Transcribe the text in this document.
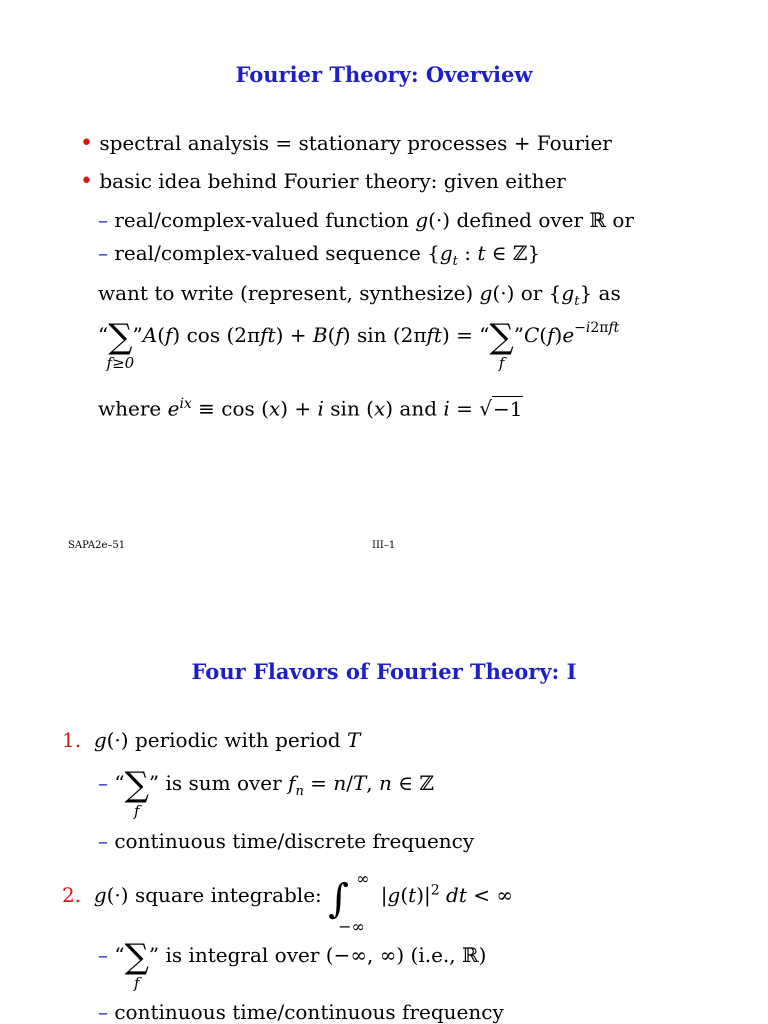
Fourier Theory: Overview
• spectral analysis = stationary processes + Fourier
• basic idea behind Fourier theory: given either
– real/complex-valued function g(·) defined over ℝ or
– real/complex-valued sequence {$g_t$ : t ∈ ℤ}
want to write (represent, synthesize) g(·) or $\{g_t\}$ as
“∑
f≥0
”A(f) cos (2πft) + B(f) sin (2πft) = “∑
f
$”C(f)e^{-i2\pi ft}$
where $e^{ix} \equiv \cos (x) + i$ sin (x) and i = √−1
SAPA2e–51	III–1
Four Flavors of Fourier Theory: I
1. g(·) periodic with period T
– “∑
f
” is sum over $f_n = n/T$, n ∈ ℤ
– continuous time/discrete frequency
2. g(·) square integrable: ∫ ∞
−∞
$|g(t)|^2$ dt < ∞
– “∑
f
” is integral over (−∞, ∞) (i.e., ℝ)
– continuous time/continuous frequency
